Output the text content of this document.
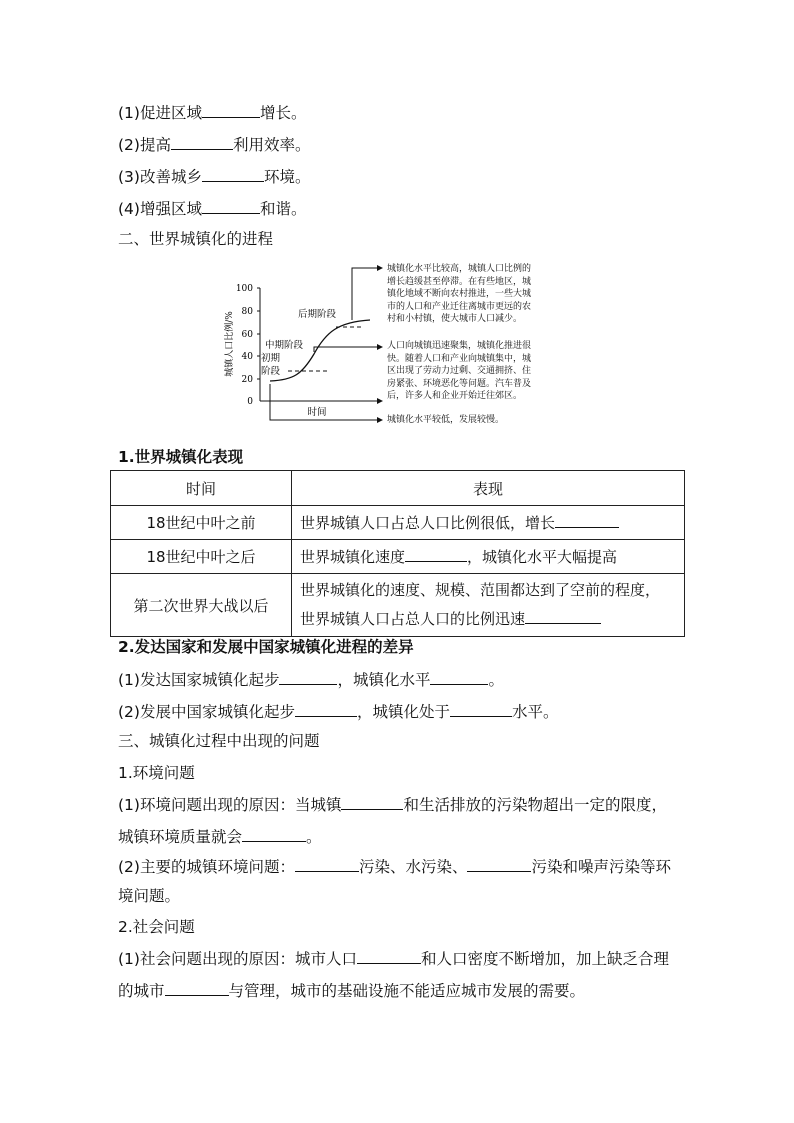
(1)促进区域	增长。
(2)提高	利用效率。
(3)改善城乡	环境。
(4)增强区域	和谐。
二、世界城镇化的进程
100
80
60
40
20
0
城镇人口比例/%	初期
阶段
中期阶段
后期阶段
时间
城镇化水平比较高，城镇人口比例的
增长趋缓甚至停滞。在有些地区，城
镇化地域不断向农村推进，一些大城
市的人口和产业迁往离城市更远的农
村和小村镇，使大城市人口减少。
人口向城镇迅速聚集，城镇化推进很
快。随着人口和产业向城镇集中，城
区出现了劳动力过剩、交通拥挤、住
房紧张、环境恶化等问题。汽车普及
后，许多人和企业开始迁往郊区。
城镇化水平较低，发展较慢。
1.世界城镇化表现
时间	表现
18世纪中叶之前	世界城镇人口占总人口比例很低，增长
18世纪中叶之后	世界城镇化速度 ，城镇化水平大幅提高
第二次世界大战以后	世界城镇化的速度、规模、范围都达到了空前的程度，
世界城镇人口占总人口的比例迅速
2.发达国家和发展中国家城镇化进程的差异
(1)发达国家城镇化起步	，城镇化水平	。
(2)发展中国家城镇化起步	，城镇化处于	水平。
三、城镇化过程中出现的问题
1.环境问题
(1)环境问题出现的原因：当城镇	和生活排放的污染物超出一定的限度，
城镇环境质量就会	。
(2)主要的城镇环境问题：	污染、水污染、	污染和噪声污染等环
境问题。
2.社会问题
(1)社会问题出现的原因：城市人口	和人口密度不断增加，加上缺乏合理
的城市	与管理，城市的基础设施不能适应城市发展的需要。
